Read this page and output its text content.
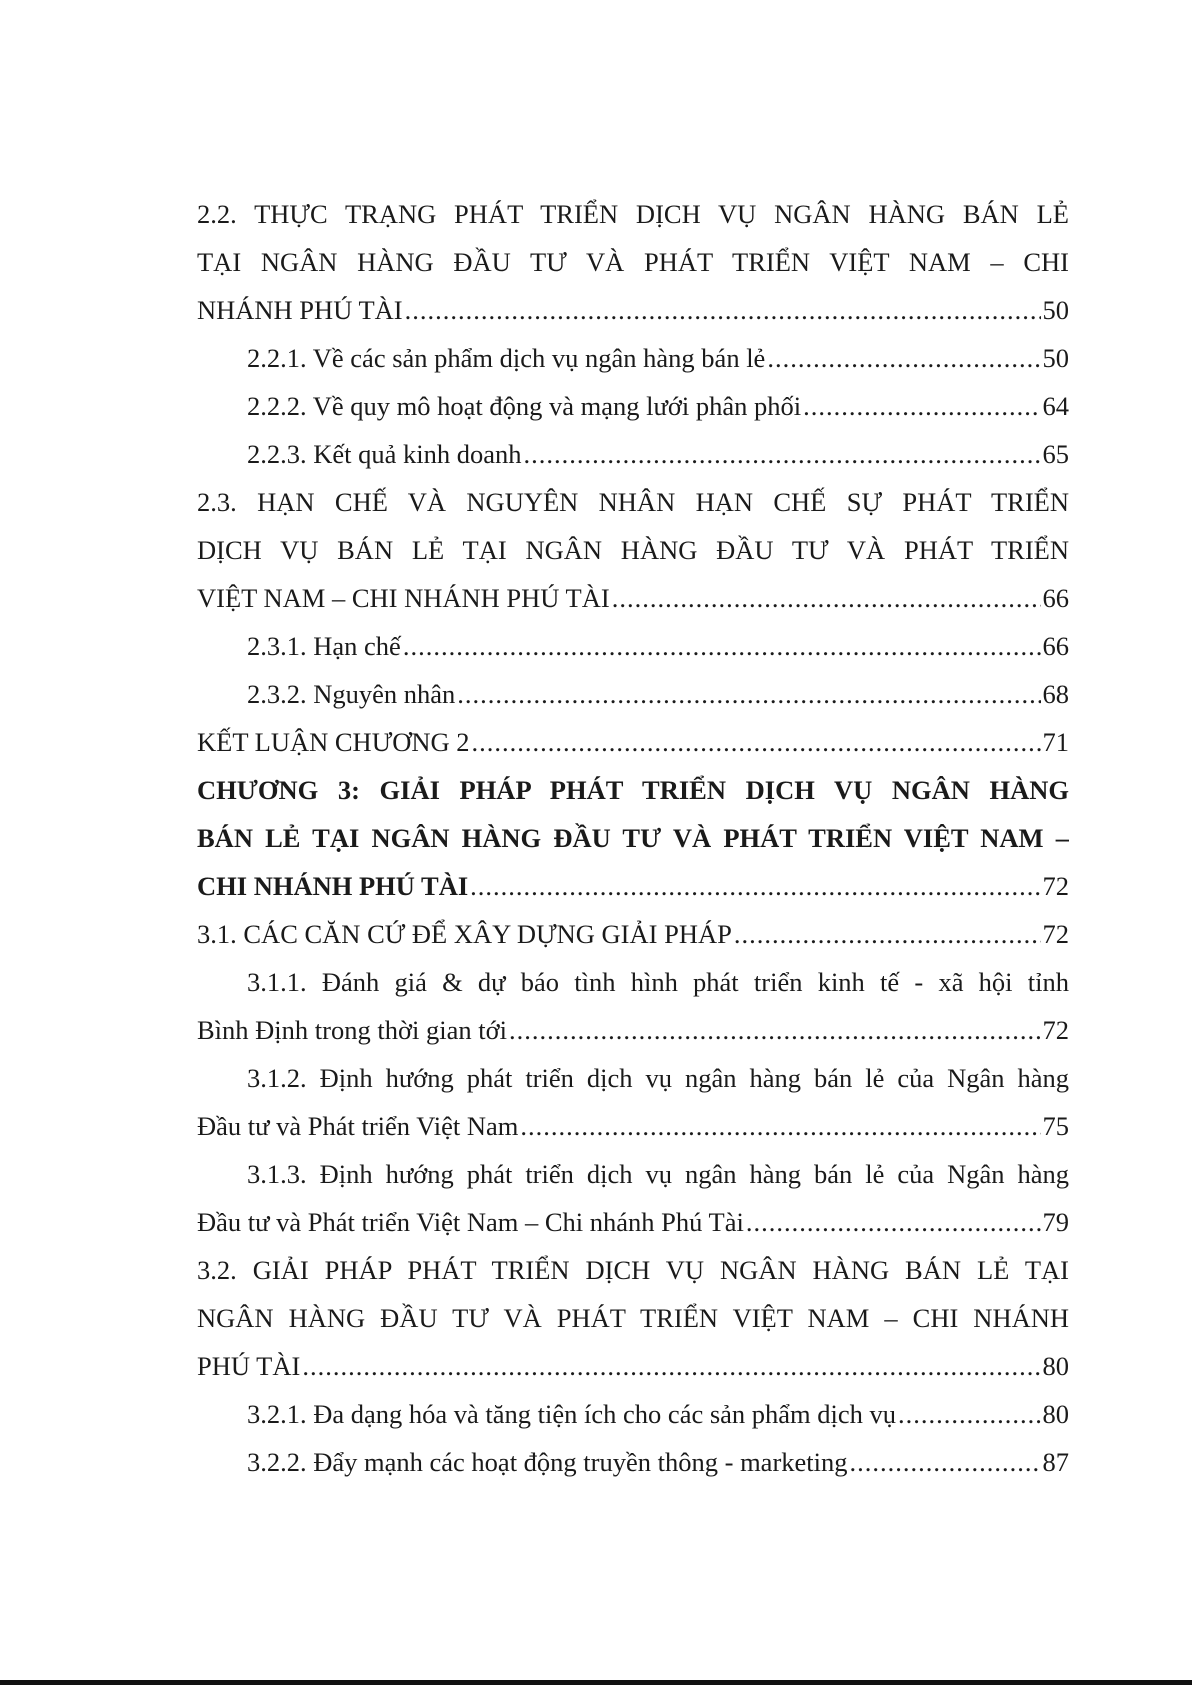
2.2. THỰC TRẠNG PHÁT TRIỂN DỊCH VỤ NGÂN HÀNG BÁN LẺ
TẠI NGÂN HÀNG ĐẦU TƯ VÀ PHÁT TRIỂN VIỆT NAM – CHI
NHÁNH PHÚ TÀI .....	50
2.2.1. Về các sản phẩm dịch vụ ngân hàng bán lẻ .....	50
2.2.2. Về quy mô hoạt động và mạng lưới phân phối .....	64
2.2.3. Kết quả kinh doanh .....	65
2.3. HẠN CHẾ VÀ NGUYÊN NHÂN HẠN CHẾ SỰ PHÁT TRIỂN
DỊCH VỤ BÁN LẺ TẠI NGÂN HÀNG ĐẦU TƯ VÀ PHÁT TRIỂN
VIỆT NAM – CHI NHÁNH PHÚ TÀI .....	66
2.3.1. Hạn chế .....	66
2.3.2. Nguyên nhân .....	68
KẾT LUẬN CHƯƠNG 2 .....	71
CHƯƠNG 3: GIẢI PHÁP PHÁT TRIỂN DỊCH VỤ NGÂN HÀNG
BÁN LẺ TẠI NGÂN HÀNG ĐẦU TƯ VÀ PHÁT TRIỂN VIỆT NAM –
CHI NHÁNH PHÚ TÀI .....	72
3.1. CÁC CĂN CỨ ĐỂ XÂY DỰNG GIẢI PHÁP .....	72
3.1.1. Đánh giá & dự báo tình hình phát triển kinh tế - xã hội tỉnh
Bình Định trong thời gian tới .....	72
3.1.2. Định hướng phát triển dịch vụ ngân hàng bán lẻ của Ngân hàng
Đầu tư và Phát triển Việt Nam .....	75
3.1.3. Định hướng phát triển dịch vụ ngân hàng bán lẻ của Ngân hàng
Đầu tư và Phát triển Việt Nam – Chi nhánh Phú Tài .....	79
3.2. GIẢI PHÁP PHÁT TRIỂN DỊCH VỤ NGÂN HÀNG BÁN LẺ TẠI
NGÂN HÀNG ĐẦU TƯ VÀ PHÁT TRIỂN VIỆT NAM – CHI NHÁNH
PHÚ TÀI .....	80
3.2.1. Đa dạng hóa và tăng tiện ích cho các sản phẩm dịch vụ .....	80
3.2.2. Đẩy mạnh các hoạt động truyền thông - marketing .....	87
